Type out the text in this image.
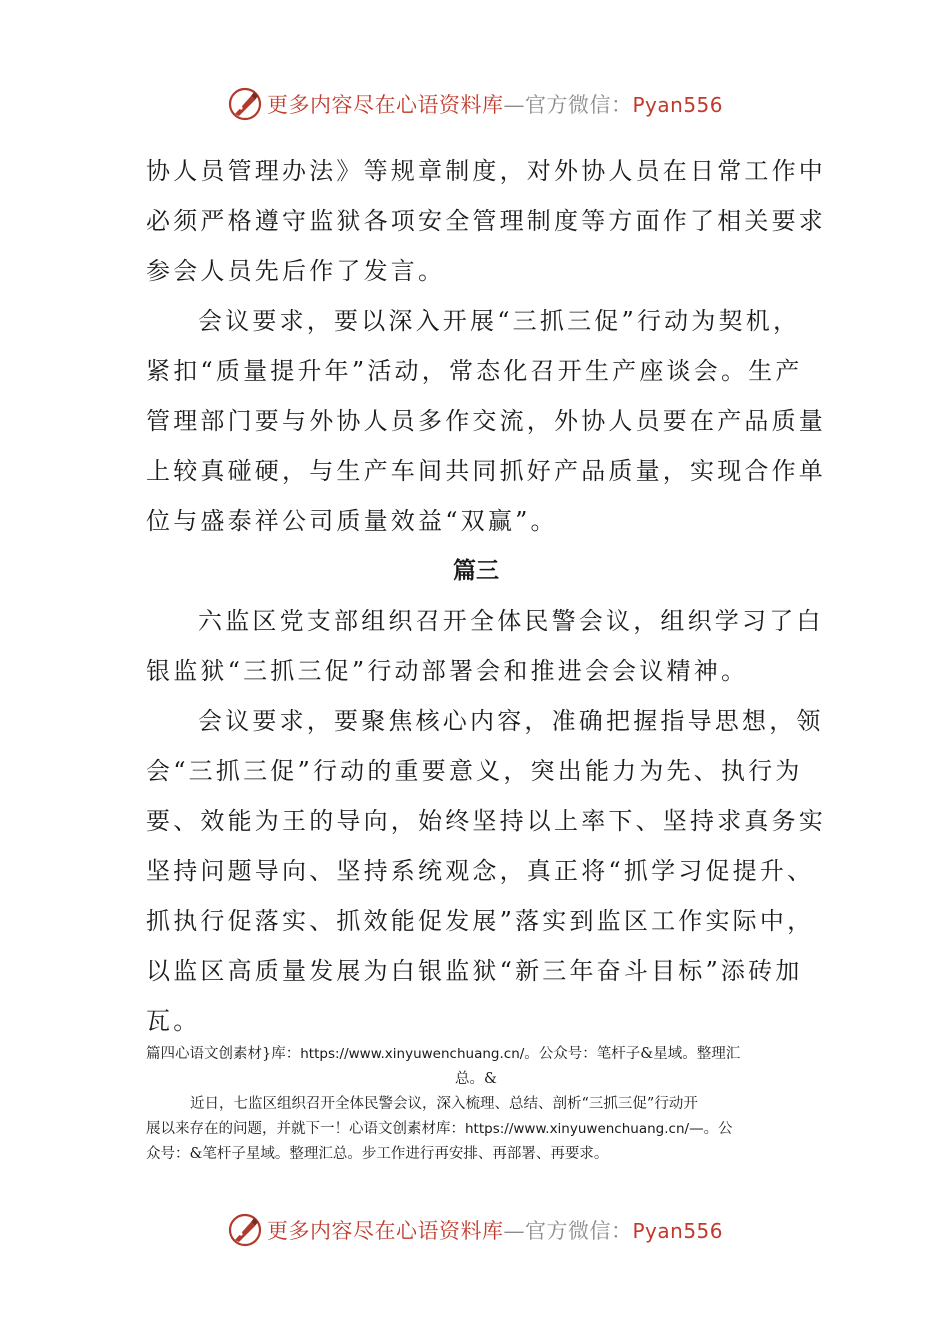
更多内容尽在心语资料库—官方微信：Pyan556

协人员管理办法》等规章制度，对外协人员在日常工作中

必须严格遵守监狱各项安全管理制度等方面作了相关要求

参会人员先后作了发言。

会议要求，要以深入开展“三抓三促”行动为契机，

紧扣“质量提升年”活动，常态化召开生产座谈会。生产

管理部门要与外协人员多作交流，外协人员要在产品质量

上较真碰硬，与生产车间共同抓好产品质量，实现合作单

位与盛泰祥公司质量效益“双赢”。

篇三

六监区党支部组织召开全体民警会议，组织学习了白

银监狱“三抓三促”行动部署会和推进会会议精神。

会议要求，要聚焦核心内容，准确把握指导思想，领

会“三抓三促”行动的重要意义，突出能力为先、执行为

要、效能为王的导向，始终坚持以上率下、坚持求真务实

坚持问题导向、坚持系统观念，真正将“抓学习促提升、

抓执行促落实、抓效能促发展”落实到监区工作实际中，

以监区高质量发展为白银监狱“新三年奋斗目标”添砖加

瓦。

篇四心语文创素材}库：https://www.xinyuwenchuang.cn/。公众号：笔杆子&星域。整理汇

总。&

近日，七监区组织召开全体民警会议，深入梳理、总结、剖析“三抓三促”行动开

展以来存在的问题，并就下一！心语文创素材库：https://www.xinyuwenchuang.cn/—。公

众号：&笔杆子星域。整理汇总。步工作进行再安排、再部署、再要求。

更多内容尽在心语资料库—官方微信：Pyan556
